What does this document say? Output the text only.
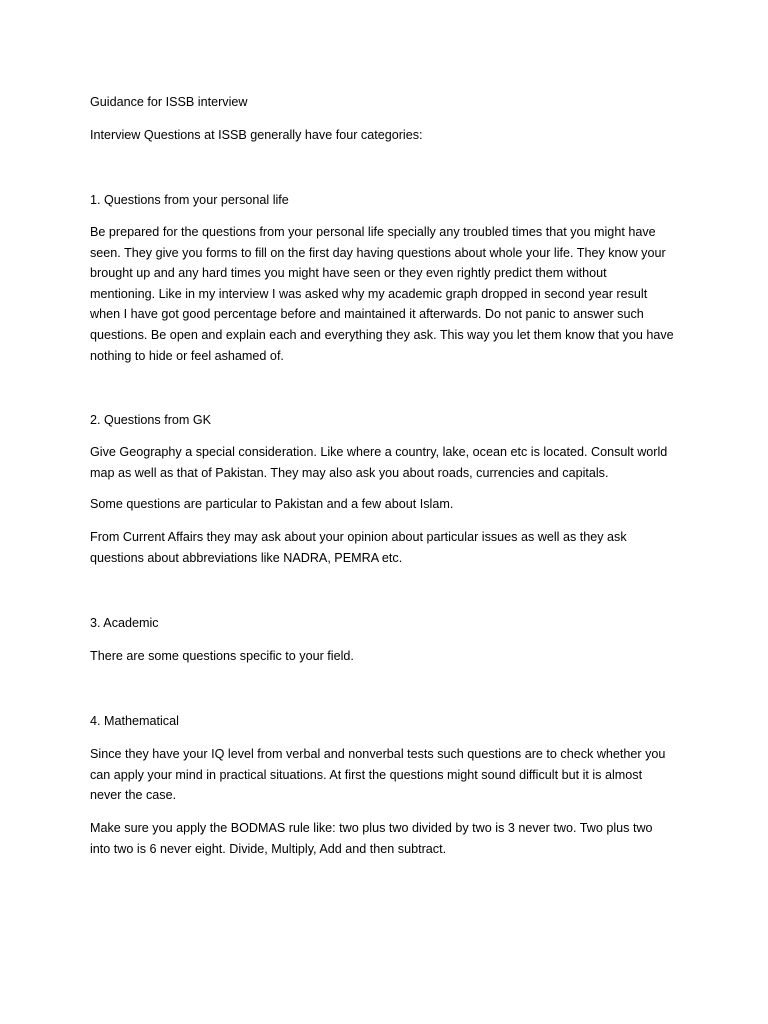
Guidance for ISSB interview

Interview Questions at ISSB generally have four categories:

1. Questions from your personal life

Be prepared for the questions from your personal life specially any troubled times that you might have
seen. They give you forms to fill on the first day having questions about whole your life. They know your
brought up and any hard times you might have seen or they even rightly predict them without
mentioning. Like in my interview I was asked why my academic graph dropped in second year result
when I have got good percentage before and maintained it afterwards. Do not panic to answer such
questions. Be open and explain each and everything they ask. This way you let them know that you have
nothing to hide or feel ashamed of.

2. Questions from GK

Give Geography a special consideration. Like where a country, lake, ocean etc is located. Consult world
map as well as that of Pakistan. They may also ask you about roads, currencies and capitals.

Some questions are particular to Pakistan and a few about Islam.

From Current Affairs they may ask about your opinion about particular issues as well as they ask
questions about abbreviations like NADRA, PEMRA etc.

3. Academic

There are some questions specific to your field.

4. Mathematical

Since they have your IQ level from verbal and nonverbal tests such questions are to check whether you
can apply your mind in practical situations. At first the questions might sound difficult but it is almost
never the case.

Make sure you apply the BODMAS rule like: two plus two divided by two is 3 never two. Two plus two
into two is 6 never eight. Divide, Multiply, Add and then subtract.
